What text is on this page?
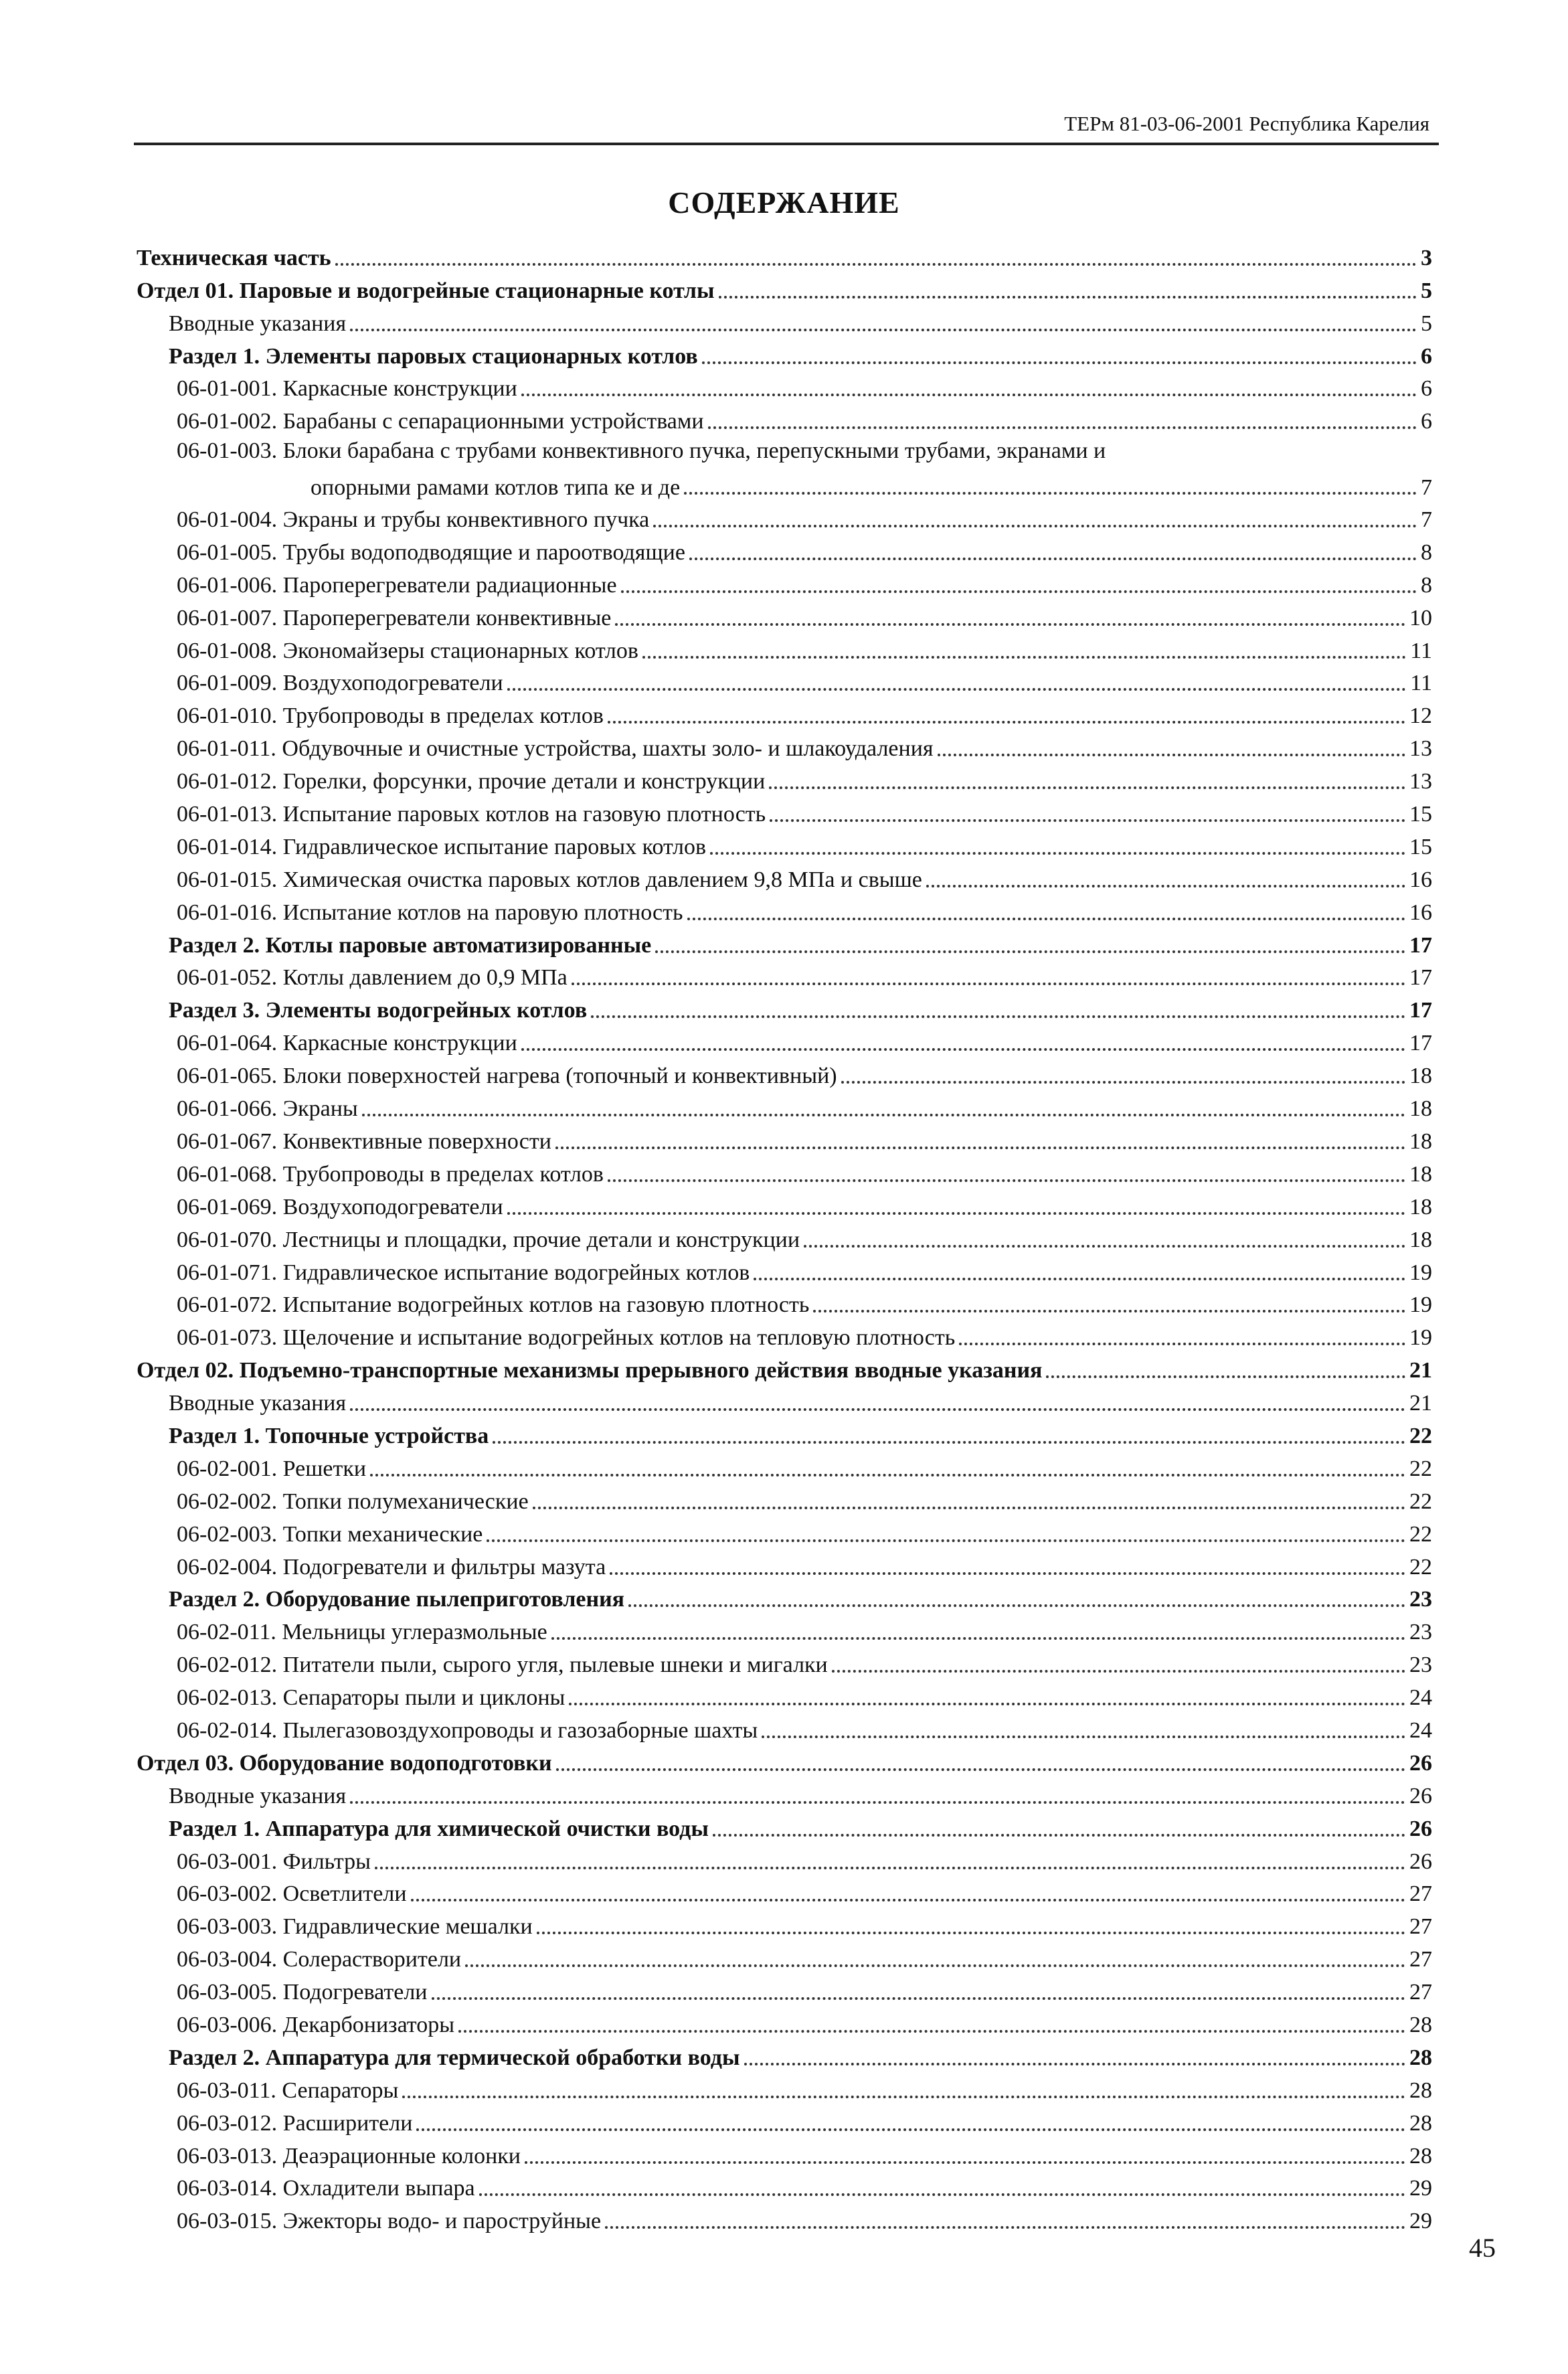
ТЕРм 81-03-06-2001 Республика Карелия
СОДЕРЖАНИЕ
Техническая часть	3
Отдел 01. Паровые и водогрейные стационарные котлы	5
Вводные указания	5
Раздел 1. Элементы паровых стационарных котлов	6
06-01-001. Каркасные конструкции	6
06-01-002. Барабаны с сепарационными устройствами	6
06-01-003. Блоки барабана с трубами конвективного пучка, перепускными трубами, экранами и
опорными рамами котлов типа ке и де	7
06-01-004. Экраны и трубы конвективного пучка	7
06-01-005. Трубы водоподводящие и пароотводящие	8
06-01-006. Пароперегреватели радиационные	8
06-01-007. Пароперегреватели конвективные	10
06-01-008. Экономайзеры стационарных котлов	11
06-01-009. Воздухоподогреватели	11
06-01-010. Трубопроводы в пределах котлов	12
06-01-011. Обдувочные и очистные устройства, шахты золо- и шлакоудаления	13
06-01-012. Горелки, форсунки, прочие детали и конструкции	13
06-01-013. Испытание паровых котлов на газовую плотность	15
06-01-014. Гидравлическое испытание паровых котлов	15
06-01-015. Химическая очистка паровых котлов давлением 9,8 МПа и свыше	16
06-01-016. Испытание котлов на паровую плотность	16
Раздел 2. Котлы паровые автоматизированные	17
06-01-052. Котлы давлением до 0,9 МПа	17
Раздел 3. Элементы водогрейных котлов	17
06-01-064. Каркасные конструкции	17
06-01-065. Блоки поверхностей нагрева (топочный и конвективный)	18
06-01-066. Экраны	18
06-01-067. Конвективные поверхности	18
06-01-068. Трубопроводы в пределах котлов	18
06-01-069. Воздухоподогреватели	18
06-01-070. Лестницы и площадки, прочие детали и конструкции	18
06-01-071. Гидравлическое испытание водогрейных котлов	19
06-01-072. Испытание водогрейных котлов на газовую плотность	19
06-01-073. Щелочение и испытание водогрейных котлов на тепловую плотность	19
Отдел 02. Подъемно-транспортные механизмы прерывного действия вводные указания	21
Вводные указания	21
Раздел 1. Топочные устройства	22
06-02-001. Решетки	22
06-02-002. Топки полумеханические	22
06-02-003. Топки механические	22
06-02-004. Подогреватели и фильтры мазута	22
Раздел 2. Оборудование пылеприготовления	23
06-02-011. Мельницы углеразмольные	23
06-02-012. Питатели пыли, сырого угля, пылевые шнеки и мигалки	23
06-02-013. Сепараторы пыли и циклоны	24
06-02-014. Пылегазовоздухопроводы и газозаборные шахты	24
Отдел 03. Оборудование водоподготовки	26
Вводные указания	26
Раздел 1. Аппаратура для химической очистки воды	26
06-03-001. Фильтры	26
06-03-002. Осветлители	27
06-03-003. Гидравлические мешалки	27
06-03-004. Солерастворители	27
06-03-005. Подогреватели	27
06-03-006. Декарбонизаторы	28
Раздел 2. Аппаратура для термической обработки воды	28
06-03-011. Сепараторы	28
06-03-012. Расширители	28
06-03-013. Деаэрационные колонки	28
06-03-014. Охладители выпара	29
06-03-015. Эжекторы водо- и пароструйные	29
45
